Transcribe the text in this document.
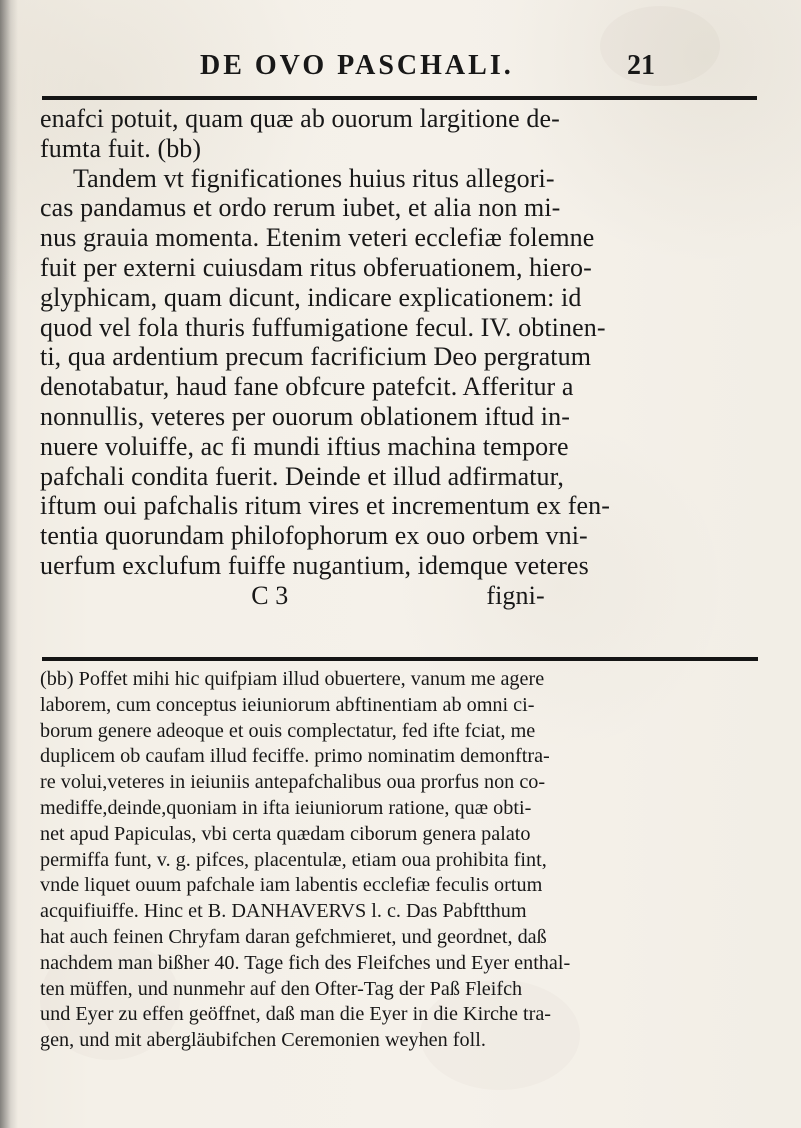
DE OVO PASCHALI.	21

enafci potuit, quam quæ ab ouorum largitione de-
fumta fuit. (bb)
Tandem vt fignificationes huius ritus allegori-
cas pandamus et ordo rerum iubet, et alia non mi-
nus grauia momenta. Etenim veteri ecclefiæ folemne
fuit per externi cuiusdam ritus obferuationem, hiero-
glyphicam, quam dicunt, indicare explicationem: id
quod vel fola thuris fuffumigatione fecul. IV. obtinen-
ti, qua ardentium precum facrificium Deo pergratum
denotabatur, haud fane obfcure patefcit. Afferitur a
nonnullis, veteres per ouorum oblationem iftud in-
nuere voluiffe, ac fi mundi iftius machina tempore
pafchali condita fuerit. Deinde et illud adfirmatur,
iftum oui pafchalis ritum vires et incrementum ex fen-
tentia quorundam philofophorum ex ouo orbem vni-
uerfum exclufum fuiffe nugantium, idemque veteres
C 3                              figni-

(bb) Poffet mihi hic quifpiam illud obuertere, vanum me agere
laborem, cum conceptus ieiuniorum abftinentiam ab omni ci-
borum genere adeoque et ouis complectatur, fed ifte fciat, me
duplicem ob caufam illud feciffe. primo nominatim demonftra-
re volui,veteres in ieiuniis antepafchalibus oua prorfus non co-
mediffe,deinde,quoniam in ifta ieiuniorum ratione, quæ obti-
net apud Papiculas, vbi certa quædam ciborum genera palato
permiffa funt, v. g. pifces, placentulæ, etiam oua prohibita fint,
vnde liquet ouum pafchale iam labentis ecclefiæ feculis ortum
acquifiuiffe. Hinc et B. DANHAVERVS l. c. Das Pabftthum
hat auch feinen Chryfam daran gefchmieret, und geordnet, daß
nachdem man bißher 40. Tage fich des Fleifches und Eyer enthal-
ten müffen, und nunmehr auf den Ofter-Tag der Paß Fleifch
und Eyer zu effen geöffnet, daß man die Eyer in die Kirche tra-
gen, und mit abergläubifchen Ceremonien weyhen foll.
